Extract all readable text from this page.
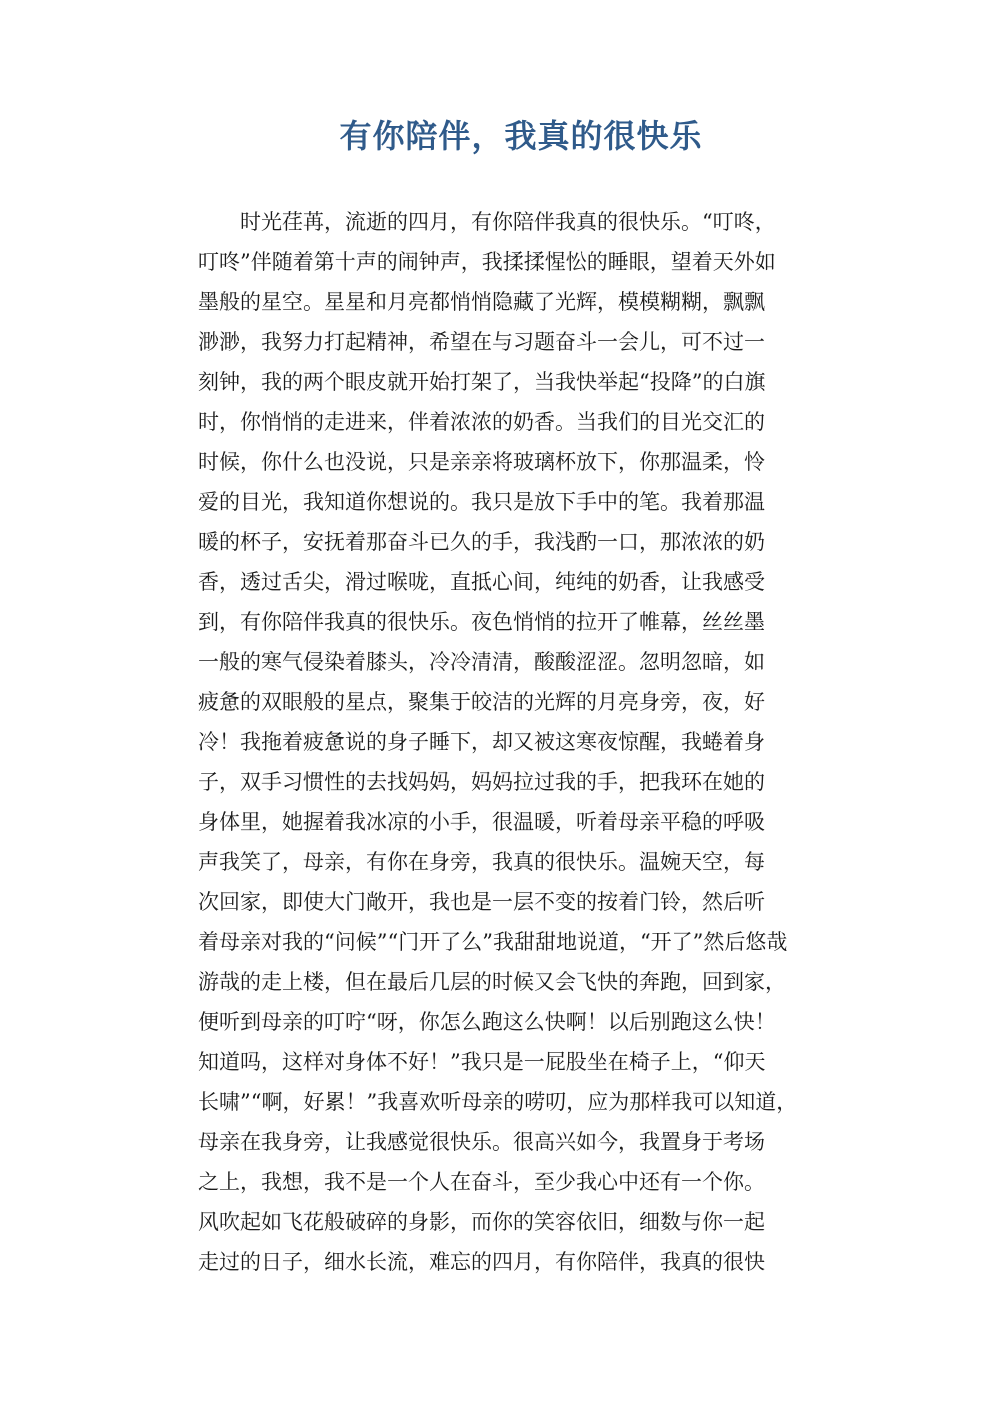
有你陪伴，我真的很快乐
　　时光荏苒，流逝的四月，有你陪伴我真的很快乐。“叮咚，
叮咚”伴随着第十声的闹钟声，我揉揉惺忪的睡眼，望着天外如
墨般的星空。星星和月亮都悄悄隐藏了光辉，模模糊糊，飘飘
渺渺，我努力打起精神，希望在与习题奋斗一会儿，可不过一
刻钟，我的两个眼皮就开始打架了，当我快举起“投降”的白旗
时，你悄悄的走进来，伴着浓浓的奶香。当我们的目光交汇的
时候，你什么也没说，只是亲亲将玻璃杯放下，你那温柔，怜
爱的目光，我知道你想说的。我只是放下手中的笔。我着那温
暖的杯子，安抚着那奋斗已久的手，我浅酌一口，那浓浓的奶
香，透过舌尖，滑过喉咙，直抵心间，纯纯的奶香，让我感受
到，有你陪伴我真的很快乐。夜色悄悄的拉开了帷幕，丝丝墨
一般的寒气侵染着膝头，冷冷清清，酸酸涩涩。忽明忽暗，如
疲惫的双眼般的星点，聚集于皎洁的光辉的月亮身旁，夜，好
冷！我拖着疲惫说的身子睡下，却又被这寒夜惊醒，我蜷着身
子，双手习惯性的去找妈妈，妈妈拉过我的手，把我环在她的
身体里，她握着我冰凉的小手，很温暖，听着母亲平稳的呼吸
声我笑了，母亲，有你在身旁，我真的很快乐。温婉天空，每
次回家，即使大门敞开，我也是一层不变的按着门铃，然后听
着母亲对我的“问候”“门开了么”我甜甜地说道，“开了”然后悠哉
游哉的走上楼，但在最后几层的时候又会飞快的奔跑，回到家，
便听到母亲的叮咛“呀，你怎么跑这么快啊！以后别跑这么快！
知道吗，这样对身体不好！”我只是一屁股坐在椅子上，“仰天
长啸”“啊，好累！”我喜欢听母亲的唠叨，应为那样我可以知道，
母亲在我身旁，让我感觉很快乐。很高兴如今，我置身于考场
之上，我想，我不是一个人在奋斗，至少我心中还有一个你。
风吹起如飞花般破碎的身影，而你的笑容依旧，细数与你一起
走过的日子，细水长流，难忘的四月，有你陪伴，我真的很快
